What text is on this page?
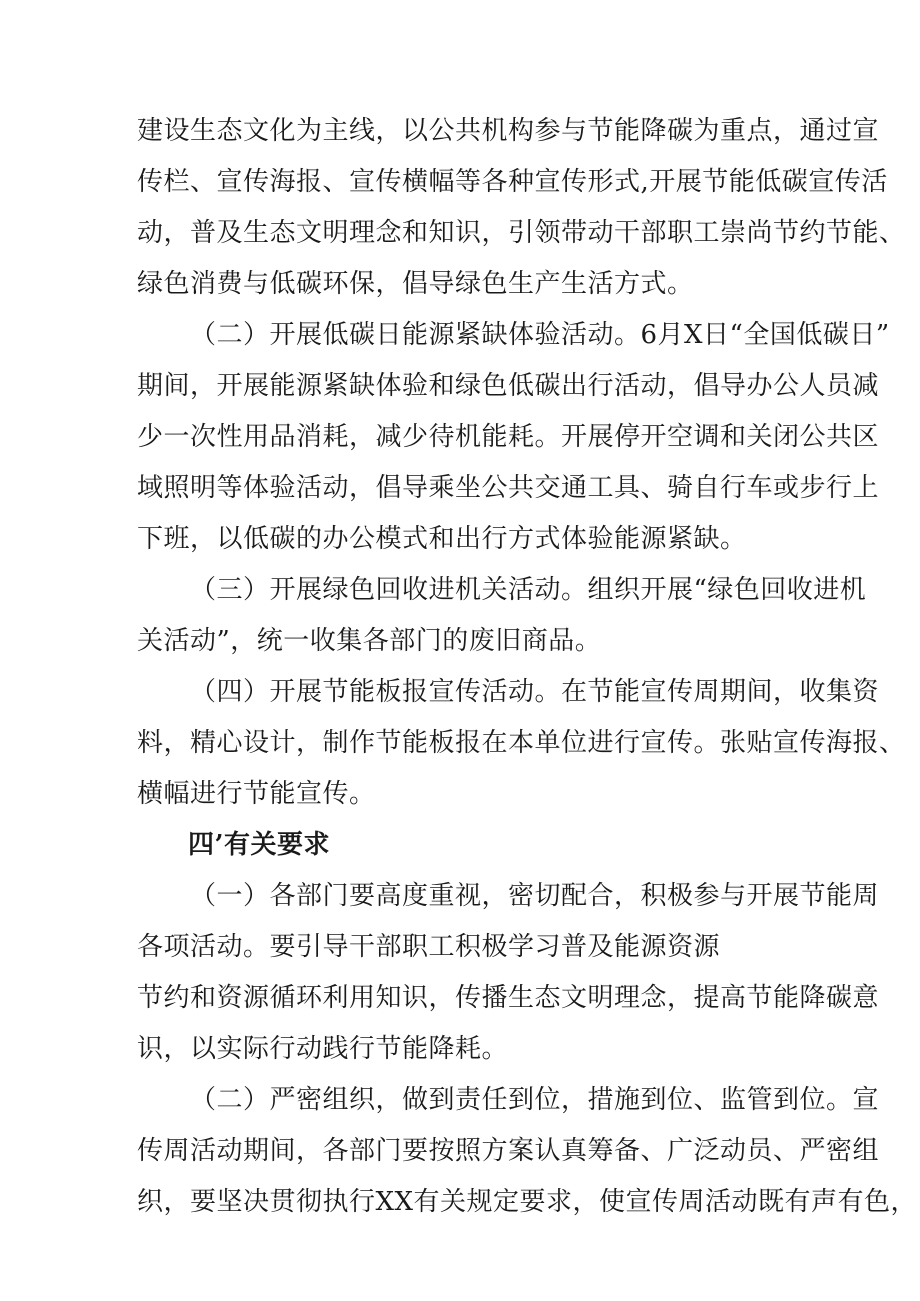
建设生态文化为主线，以公共机构参与节能降碳为重点，通过宣
传栏、宣传海报、宣传横幅等各种宣传形式,开展节能低碳宣传活
动，普及生态文明理念和知识，引领带动干部职工崇尚节约节能、
绿色消费与低碳环保，倡导绿色生产生活方式。
（二）开展低碳日能源紧缺体验活动。6月X日“全国低碳日”
期间，开展能源紧缺体验和绿色低碳出行活动，倡导办公人员减
少一次性用品消耗，减少待机能耗。开展停开空调和关闭公共区
域照明等体验活动，倡导乘坐公共交通工具、骑自行车或步行上
下班，以低碳的办公模式和出行方式体验能源紧缺。
（三）开展绿色回收进机关活动。组织开展“绿色回收进机
关活动”，统一收集各部门的废旧商品。
（四）开展节能板报宣传活动。在节能宣传周期间，收集资
料，精心设计，制作节能板报在本单位进行宣传。张贴宣传海报、
横幅进行节能宣传。
四’有关要求
（一）各部门要高度重视，密切配合，积极参与开展节能周
各项活动。要引导干部职工积极学习普及能源资源
节约和资源循环利用知识，传播生态文明理念，提高节能降碳意
识，以实际行动践行节能降耗。
（二）严密组织，做到责任到位，措施到位、监管到位。宣
传周活动期间，各部门要按照方案认真筹备、广泛动员、严密组
织，要坚决贯彻执行XX有关规定要求，使宣传周活动既有声有色，
